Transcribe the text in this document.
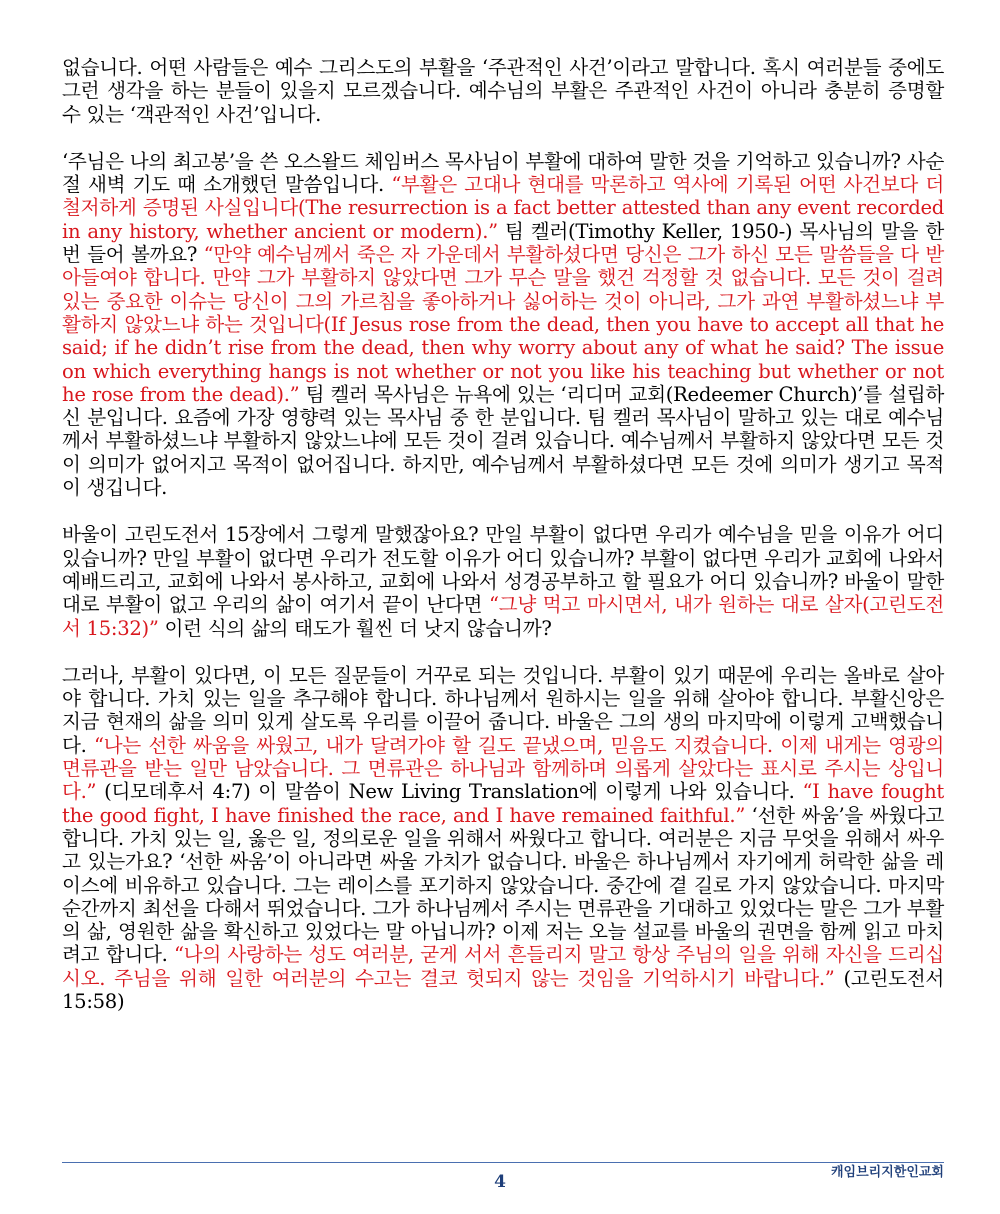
없습니다. 어떤 사람들은 예수 그리스도의 부활을 ‘주관적인 사건’이라고 말합니다. 혹시 여러분들 중에도 그런 생각을 하는 분들이 있을지 모르겠습니다. 예수님의 부활은 주관적인 사건이 아니라 충분히 증명할 수 있는 ‘객관적인 사건’입니다.

‘주님은 나의 최고봉’을 쓴 오스왈드 체임버스 목사님이 부활에 대하여 말한 것을 기억하고 있습니까? 사순절 새벽 기도 때 소개했던 말씀입니다. “부활은 고대나 현대를 막론하고 역사에 기록된 어떤 사건보다 더 철저하게 증명된 사실입니다(The resurrection is a fact better attested than any event recorded in any history, whether ancient or modern).” 팀 켈러(Timothy Keller, 1950-) 목사님의 말을 한번 들어 볼까요? “만약 예수님께서 죽은 자 가운데서 부활하셨다면 당신은 그가 하신 모든 말씀들을 다 받아들여야 합니다. 만약 그가 부활하지 않았다면 그가 무슨 말을 했건 걱정할 것 없습니다. 모든 것이 걸려있는 중요한 이슈는 당신이 그의 가르침을 좋아하거나 싫어하는 것이 아니라, 그가 과연 부활하셨느냐 부활하지 않았느냐 하는 것입니다(If Jesus rose from the dead, then you have to accept all that he said; if he didn’t rise from the dead, then why worry about any of what he said? The issue on which everything hangs is not whether or not you like his teaching but whether or not he rose from the dead).” 팀 켈러 목사님은 뉴욕에 있는 ‘리디머 교회(Redeemer Church)’를 설립하신 분입니다. 요즘에 가장 영향력 있는 목사님 중 한 분입니다. 팀 켈러 목사님이 말하고 있는 대로 예수님께서 부활하셨느냐 부활하지 않았느냐에 모든 것이 걸려 있습니다. 예수님께서 부활하지 않았다면 모든 것이 의미가 없어지고 목적이 없어집니다. 하지만, 예수님께서 부활하셨다면 모든 것에 의미가 생기고 목적이 생깁니다.

바울이 고린도전서 15장에서 그렇게 말했잖아요? 만일 부활이 없다면 우리가 예수님을 믿을 이유가 어디 있습니까? 만일 부활이 없다면 우리가 전도할 이유가 어디 있습니까? 부활이 없다면 우리가 교회에 나와서 예배드리고, 교회에 나와서 봉사하고, 교회에 나와서 성경공부하고 할 필요가 어디 있습니까? 바울이 말한대로 부활이 없고 우리의 삶이 여기서 끝이 난다면 “그냥 먹고 마시면서, 내가 원하는 대로 살자(고린도전서 15:32)” 이런 식의 삶의 태도가 훨씬 더 낫지 않습니까?

그러나, 부활이 있다면, 이 모든 질문들이 거꾸로 되는 것입니다. 부활이 있기 때문에 우리는 올바로 살아야 합니다. 가치 있는 일을 추구해야 합니다. 하나님께서 원하시는 일을 위해 살아야 합니다. 부활신앙은 지금 현재의 삶을 의미 있게 살도록 우리를 이끌어 줍니다. 바울은 그의 생의 마지막에 이렇게 고백했습니다. “나는 선한 싸움을 싸웠고, 내가 달려가야 할 길도 끝냈으며, 믿음도 지켰습니다. 이제 내게는 영광의 면류관을 받는 일만 남았습니다. 그 면류관은 하나님과 함께하며 의롭게 살았다는 표시로 주시는 상입니다.” (디모데후서 4:7) 이 말씀이 New Living Translation에 이렇게 나와 있습니다. “I have fought the good fight, I have finished the race, and I have remained faithful.” ‘선한 싸움’을 싸웠다고 합니다. 가치 있는 일, 옳은 일, 정의로운 일을 위해서 싸웠다고 합니다. 여러분은 지금 무엇을 위해서 싸우고 있는가요? ‘선한 싸움’이 아니라면 싸울 가치가 없습니다. 바울은 하나님께서 자기에게 허락한 삶을 레이스에 비유하고 있습니다. 그는 레이스를 포기하지 않았습니다. 중간에 곁 길로 가지 않았습니다. 마지막 순간까지 최선을 다해서 뛰었습니다. 그가 하나님께서 주시는 면류관을 기대하고 있었다는 말은 그가 부활의 삶, 영원한 삶을 확신하고 있었다는 말 아닙니까? 이제 저는 오늘 설교를 바울의 권면을 함께 읽고 마치려고 합니다. “나의 사랑하는 성도 여러분, 굳게 서서 흔들리지 말고 항상 주님의 일을 위해 자신을 드리십시오. 주님을 위해 일한 여러분의 수고는 결코 헛되지 않는 것임을 기억하시기 바랍니다.” (고린도전서 15:58)

캐임브리지한인교회
4
